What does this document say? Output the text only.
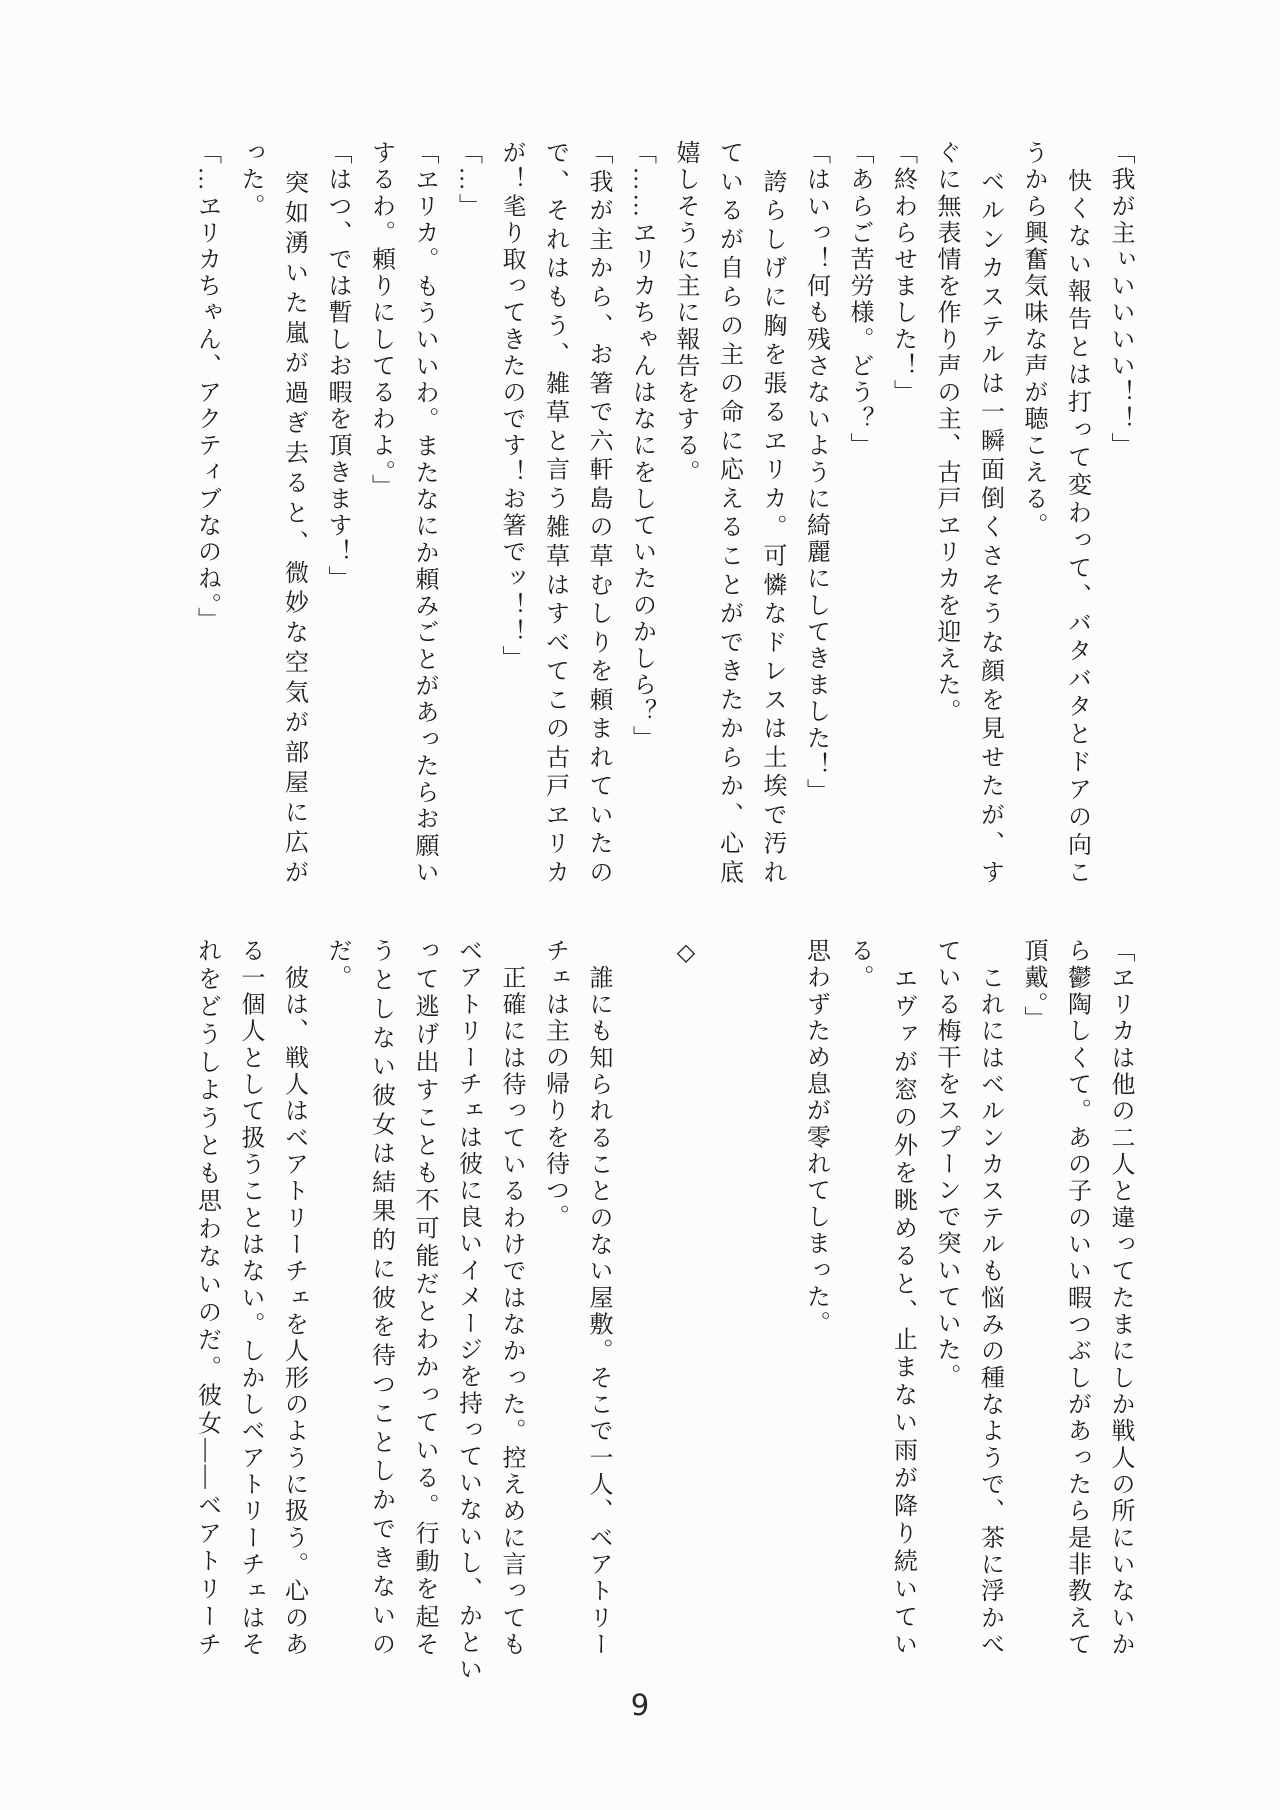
「我が主ぃいいいい！！」

　快くない報告とは打って変わって、バタバタとドアの向こ

うから興奮気味な声が聴こえる。

　ベルンカステルは一瞬面倒くさそうな顔を見せたが、す

ぐに無表情を作り声の主、古戸ヱリカを迎えた。

「終わらせました！」

「あらご苦労様。どう？」

「はいっ！何も残さないように綺麗にしてきました！」

　誇らしげに胸を張るヱリカ。可憐なドレスは土埃で汚れ

ているが自らの主の命に応えることができたからか、心底

嬉しそうに主に報告をする。

「……ヱリカちゃんはなにをしていたのかしら？」

「我が主から、お箸で六軒島の草むしりを頼まれていたの

で、それはもう、雑草と言う雑草はすべてこの古戸ヱリカ

が！毟り取ってきたのです！お箸でッ！！」

「…」

「ヱリカ。もういいわ。またなにか頼みごとがあったらお願い

するわ。頼りにしてるわよ。」

「はつ、では暫しお暇を頂きます！」

　突如湧いた嵐が過ぎ去ると、微妙な空気が部屋に広が

った。

「…ヱリカちゃん、アクティブなのね。」

「ヱリカは他の二人と違ってたまにしか戦人の所にいないか

ら鬱陶しくて。あの子のいい暇つぶしがあったら是非教えて

頂戴。」

　これにはベルンカステルも悩みの種なようで、茶に浮かべ

ている梅干をスプーンで突いていた。

　エヴァが窓の外を眺めると、止まない雨が降り続いてい

る。

思わずため息が零れてしまった。

◇

　誰にも知られることのない屋敷。そこで一人、ベアトリー

チェは主の帰りを待つ。

　正確には待っているわけではなかった。控えめに言っても

ベアトリーチェは彼に良いイメージを持っていないし、かとい

って逃げ出すことも不可能だとわかっている。行動を起そ

うとしない彼女は結果的に彼を待つことしかできないの

だ。

　彼は、戦人はベアトリーチェを人形のように扱う。心のあ

る一個人として扱うことはない。しかしベアトリーチェはそ

れをどうしようとも思わないのだ。彼女――ベアトリーチ

9
